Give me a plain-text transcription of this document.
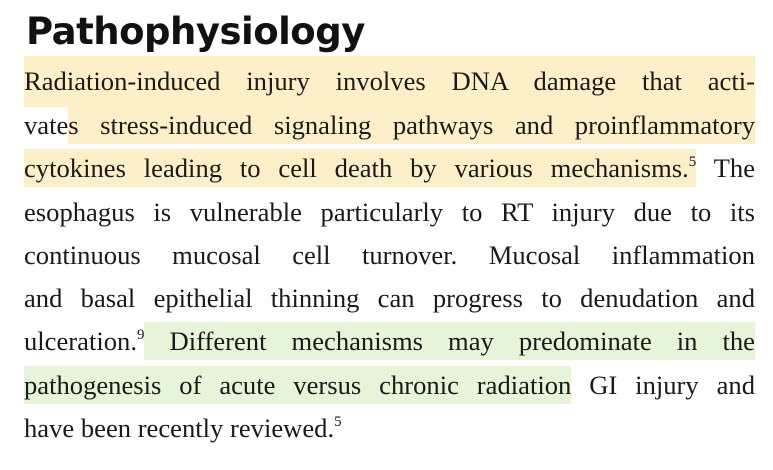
Pathophysiology
Radiation-induced injury involves DNA damage that acti-
vates stress-induced signaling pathways and proinflammatory
cytokines leading to cell death by various mechanisms.$^5$ The
esophagus is vulnerable particularly to RT injury due to its
continuous mucosal cell turnover. Mucosal inflammation
and basal epithelial thinning can progress to denudation and
ulceration.$^9$ Different mechanisms may predominate in the
pathogenesis of acute versus chronic radiation GI injury and
have been recently reviewed.$^5$
